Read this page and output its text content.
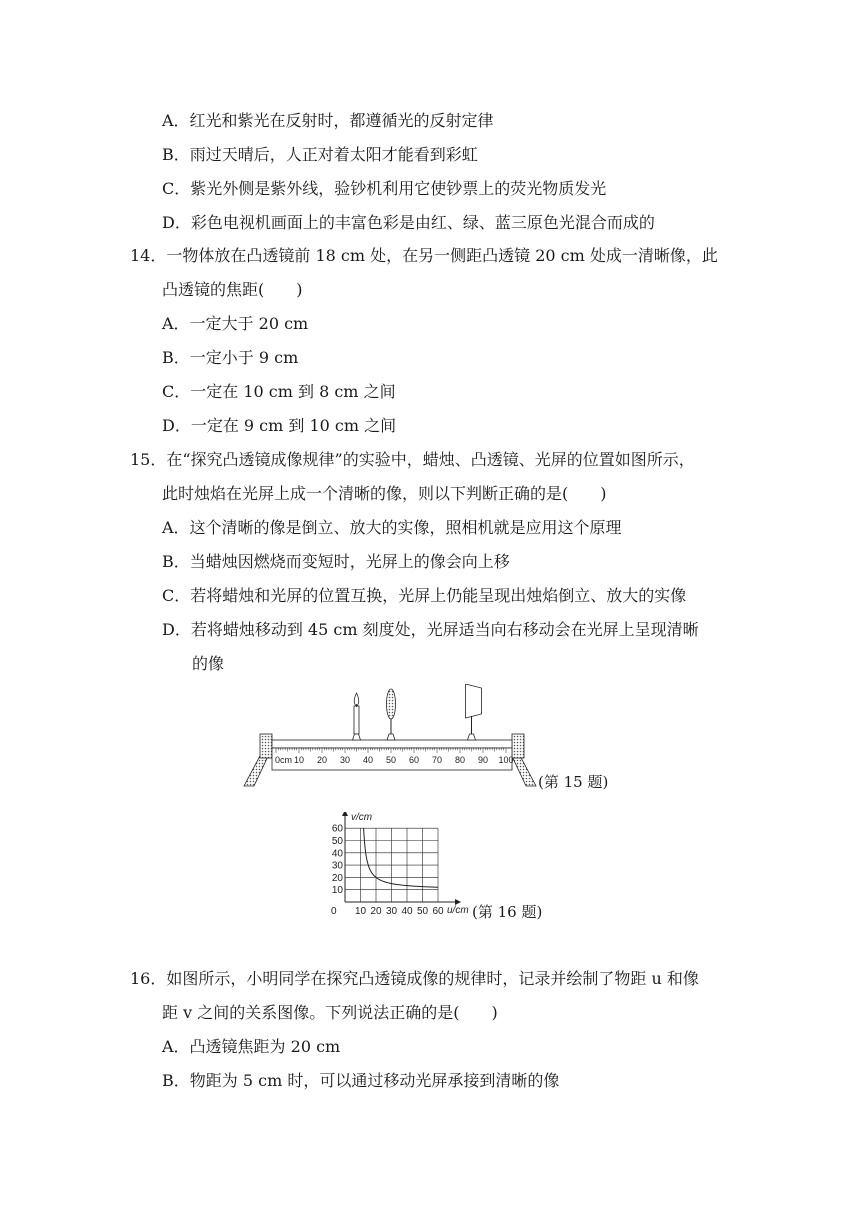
A．红光和紫光在反射时，都遵循光的反射定律
B．雨过天晴后，人正对着太阳才能看到彩虹
C．紫光外侧是紫外线，验钞机利用它使钞票上的荧光物质发光
D．彩色电视机画面上的丰富色彩是由红、绿、蓝三原色光混合而成的
14．一物体放在凸透镜前 18 cm 处，在另一侧距凸透镜 20 cm 处成一清晰像，此
凸透镜的焦距(　　)
A．一定大于 20 cm
B．一定小于 9 cm
C．一定在 10 cm 到 8 cm 之间
D．一定在 9 cm 到 10 cm 之间
15．在“探究凸透镜成像规律”的实验中，蜡烛、凸透镜、光屏的位置如图所示，
此时烛焰在光屏上成一个清晰的像，则以下判断正确的是(　　)
A．这个清晰的像是倒立、放大的实像，照相机就是应用这个原理
B．当蜡烛因燃烧而变短时，光屏上的像会向上移
C．若将蜡烛和光屏的位置互换，光屏上仍能呈现出烛焰倒立、放大的实像
D．若将蜡烛移动到 45 cm 刻度处，光屏适当向右移动会在光屏上呈现清晰
的像
0cm 10 20 30 40 50 60 70 80 90 100
(第 15 题)
v/cm
u/cm
60
50
40
30
20
10
0 10 20 30 40 50 60 (第 16 题)
16．如图所示，小明同学在探究凸透镜成像的规律时，记录并绘制了物距 u 和像
距 v 之间的关系图像。下列说法正确的是(　　)
A．凸透镜焦距为 20 cm
B．物距为 5 cm 时，可以通过移动光屏承接到清晰的像
